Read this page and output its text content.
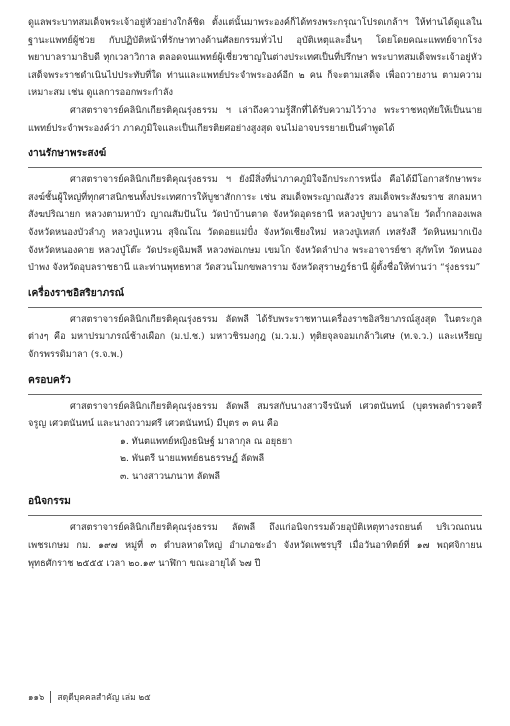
ดูแลพระบาทสมเด็จพระเจ้าอยู่หัวอย่างใกล้ชิด ตั้งแต่นั้นมาพระองค์ก็ได้ทรงพระกรุณาโปรดเกล้าฯ ให้ท่านได้ดูแลในฐานะแพทย์ผู้ช่วย กับปฏิบัติหน้าที่รักษาทางด้านศัลยกรรมทั่วไป อุบัติเหตุและอื่นๆ โดยโดยคณะแพทย์จากโรงพยาบาลรามาธิบดี ทุกเวลาวิกาล ตลอดจนแพทย์ผู้เชี่ยวชาญในต่างประเทศเป็นที่ปรึกษา พระบาทสมเด็จพระเจ้าอยู่หัวเสด็จพระราชดำเนินไปประทับที่ใด ท่านและแพทย์ประจำพระองค์อีก ๒ คน ก็จะตามเสด็จ เพื่อถวายงาน ตามความเหมาะสม เช่น ดูแลการออกพระกำลัง

ศาสตราจารย์คลินิกเกียรติคุณรุ่งธรรม ฯ เล่าถึงความรู้สึกที่ได้รับความไว้วาง พระราชหฤทัยให้เป็นนายแพทย์ประจำพระองค์ว่า ภาคภูมิใจและเป็นเกียรติยศอย่างสูงสุด จนไม่อาจบรรยายเป็นคำพูดได้

งานรักษาพระสงฆ์

ศาสตราจารย์คลินิกเกียรติคุณรุ่งธรรม ฯ ยังมีสิ่งที่น่าภาคภูมิใจอีกประการหนึ่ง คือได้มีโอกาสรักษาพระสงฆ์ชั้นผู้ใหญ่ที่ทุกศาสนิกชนทั้งประเทศการให้บูชาสักการะ เช่น สมเด็จพระญาณสังวร สมเด็จพระสังฆราช สกลมหาสังฆปริณายก หลวงตามหาบัว ญาณสัมปันโน วัดป่าบ้านตาด จังหวัดอุดรธานี หลวงปู่ขาว อนาลโย วัดถ้ำกลองเพล จังหวัดหนองบัวลำภู หลวงปู่แหวน สุจิณโณ วัดดอยแม่ปั๋ง จังหวัดเชียงใหม่ หลวงปู่เทสก์ เทสรังสี วัดหินหมากเป้ง จังหวัดหนองคาย หลวงปู่โต๊ะ วัดประดู่ฉิมพลี หลวงพ่อเกษม เขมโก จังหวัดลำปาง พระอาจารย์ชา สุภัทโท วัดหนองป่าพง จังหวัดอุบลราชธานี และท่านพุทธทาส วัดสวนโมกขพลาราม จังหวัดสุราษฎร์ธานี ผู้ตั้งชื่อให้ท่านว่า “รุ่งธรรม”

เครื่องราชอิสริยาภรณ์

ศาสตราจารย์คลินิกเกียรติคุณรุ่งธรรม ลัดพลี ได้รับพระราชทานเครื่องราชอิสริยาภรณ์สูงสุด ในตระกูลต่างๆ คือ มหาปรมาภรณ์ช้างเผือก (ม.ป.ช.) มหาวชิรมงกุฎ (ม.ว.ม.) ทุติยจุลจอมเกล้าวิเศษ (ท.จ.ว.) และเหรียญจักรพรรดิมาลา (ร.จ.พ.)

ครอบครัว

ศาสตราจารย์คลินิกเกียรติคุณรุ่งธรรม ลัดพลี สมรสกับนางสาวจีรนันท์ เศวตนันทน์ (บุตรพลตำรวจตรี จรูญ เศวตนันทน์ และนางถวามศรี เศวตนันทน์) มีบุตร ๓ คน คือ

๑. ทันตแพทย์หญิงธนิษฐ์ มาลากุล ณ อยุธยา
๒. พันตรี นายแพทย์ธนธรรษฏ์ ลัดพลี
๓. นางสาวนภนาท ลัดพลี
อนิจกรรม

ศาสตราจารย์คลินิกเกียรติคุณรุ่งธรรม ลัดพลี ถึงแก่อนิจกรรมด้วยอุบัติเหตุทางรถยนต์ บริเวณถนนเพชรเกษม กม. ๑๙๗ หมู่ที่ ๓ ตำบลหาดใหญ่ อำเภอชะอำ จังหวัดเพชรบุรี เมื่อวันอาทิตย์ที่ ๑๗ พฤศจิกายน พุทธศักราช ๒๕๕๕ เวลา ๒๐.๑๙ นาฬิกา ขณะอายุได้ ๖๗ ปี

๑๑๖ สดุดีบุคคลสำคัญ เล่ม ๒๕
